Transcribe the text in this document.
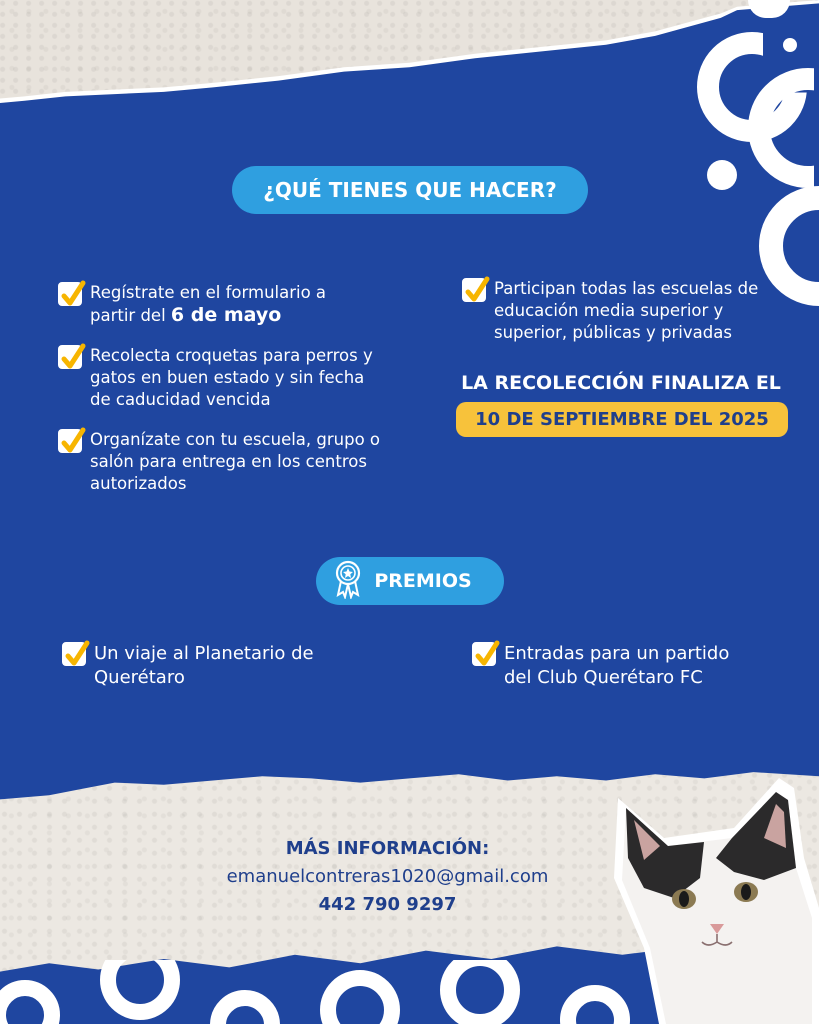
¿QUÉ TIENES QUE HACER?
Regístrate en el formulario a partir del 6 de mayo
Recolecta croquetas para perros y gatos en buen estado y sin fecha de caducidad vencida
Organízate con tu escuela, grupo o salón para entrega en los centros autorizados
Participan todas las escuelas de educación media superior y superior, públicas y privadas
LA RECOLECCIÓN FINALIZA EL
10 DE SEPTIEMBRE DEL 2025
PREMIOS
Un viaje al Planetario de Querétaro
Entradas para un partido del Club Querétaro FC
MÁS INFORMACIÓN:
emanuelcontreras1020@gmail.com
442 790 9297
